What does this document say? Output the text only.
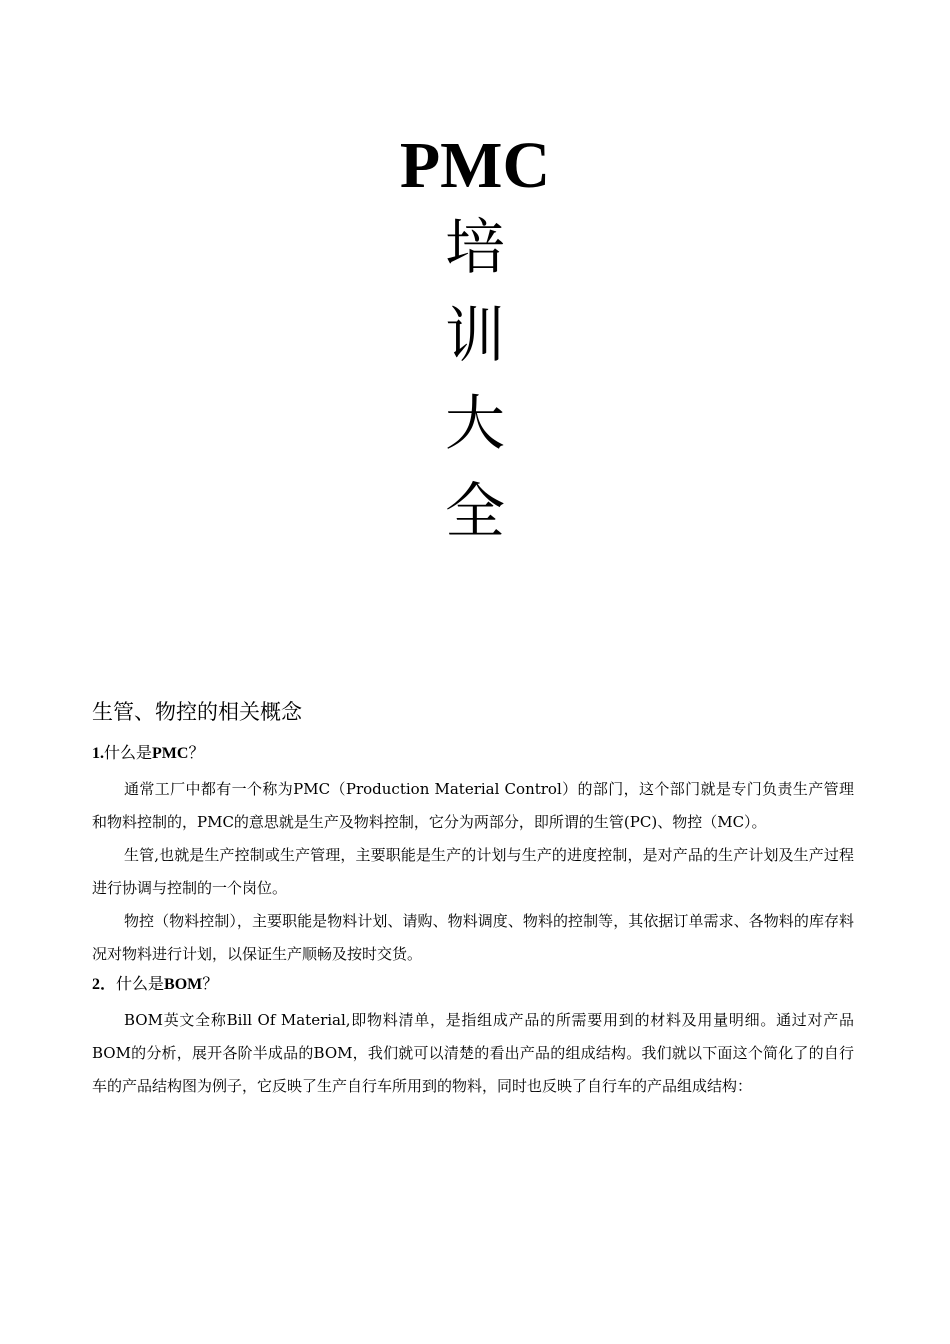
PMC
培
训
大
全
生管、物控的相关概念
1.什么是PMC？

通常工厂中都有一个称为PMC（Production Material Control）的部门，这个部门就是专门负责生产管理和物料控制的，PMC的意思就是生产及物料控制，它分为两部分，即所谓的生管(PC)、物控（MC）。

生管,也就是生产控制或生产管理，主要职能是生产的计划与生产的进度控制，是对产品的生产计划及生产过程进行协调与控制的一个岗位。

物控（物料控制），主要职能是物料计划、请购、物料调度、物料的控制等，其依据订单需求、各物料的库存料况对物料进行计划，以保证生产顺畅及按时交货。

2．什么是BOM？

BOM英文全称Bill Of Material,即物料清单，是指组成产品的所需要用到的材料及用量明细。通过对产品BOM的分析，展开各阶半成品的BOM，我们就可以清楚的看出产品的组成结构。我们就以下面这个简化了的自行车的产品结构图为例子，它反映了生产自行车所用到的物料，同时也反映了自行车的产品组成结构：
